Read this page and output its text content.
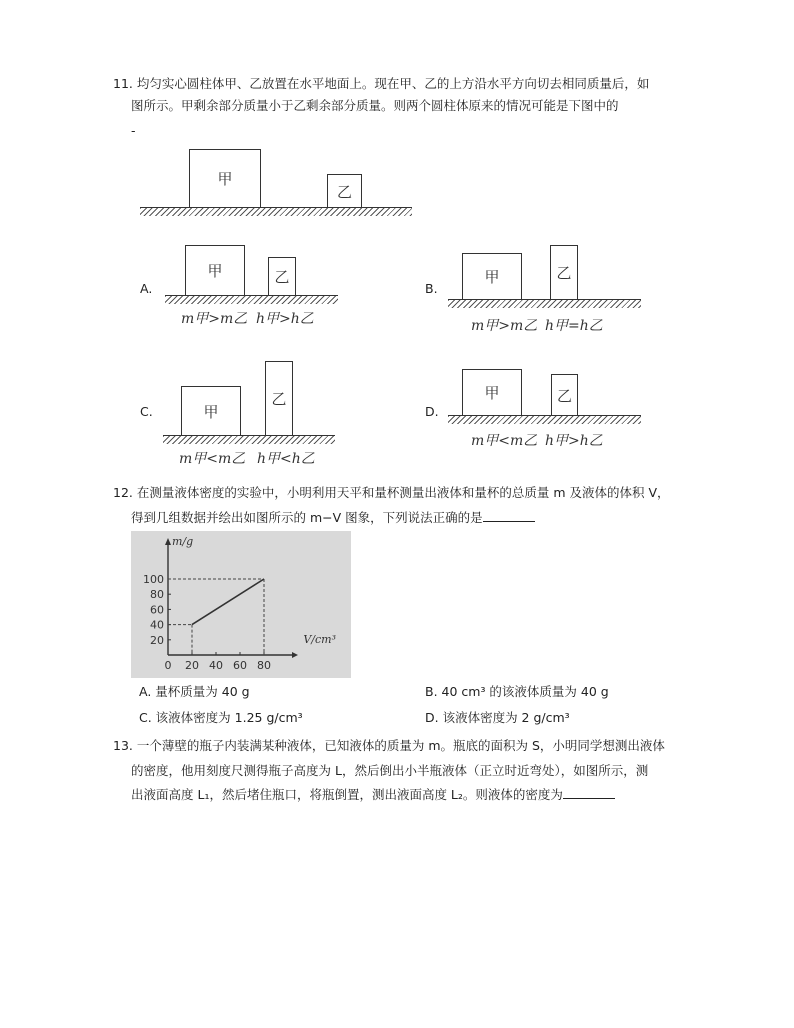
11. 均匀实心圆柱体甲、乙放置在水平地面上。现在甲、乙的上方沿水平方向切去相同质量后，如
图所示。甲剩余部分质量小于乙剩余部分质量。则两个圆柱体原来的情况可能是下图中的
-
甲
乙
A.
甲	乙
m甲>m乙 h甲>h乙
B.
甲	乙
m甲>m乙 h甲=h乙
C.	甲
乙
m甲<m乙 h甲<h乙
D.
甲	乙
m甲<m乙 h甲>h乙
12. 在测量液体密度的实验中，小明利用天平和量杯测量出液体和量杯的总质量 m 及液体的体积 V，
得到几组数据并绘出如图所示的 m−V 图象，下列说法正确的是
0 20 40 60 80
20
40
60
80
100
m/g
V/cm³
A. 量杯质量为 40 g	B. 40 cm³ 的该液体质量为 40 g
C. 该液体密度为 1.25 g/cm³	D. 该液体密度为 2 g/cm³
13. 一个薄壁的瓶子内装满某种液体，已知液体的质量为 m。瓶底的面积为 S，小明同学想测出液体
的密度，他用刻度尺测得瓶子高度为 L，然后倒出小半瓶液体（正立时近弯处），如图所示，测
出液面高度 L₁，然后堵住瓶口，将瓶倒置，测出液面高度 L₂。则液体的密度为
